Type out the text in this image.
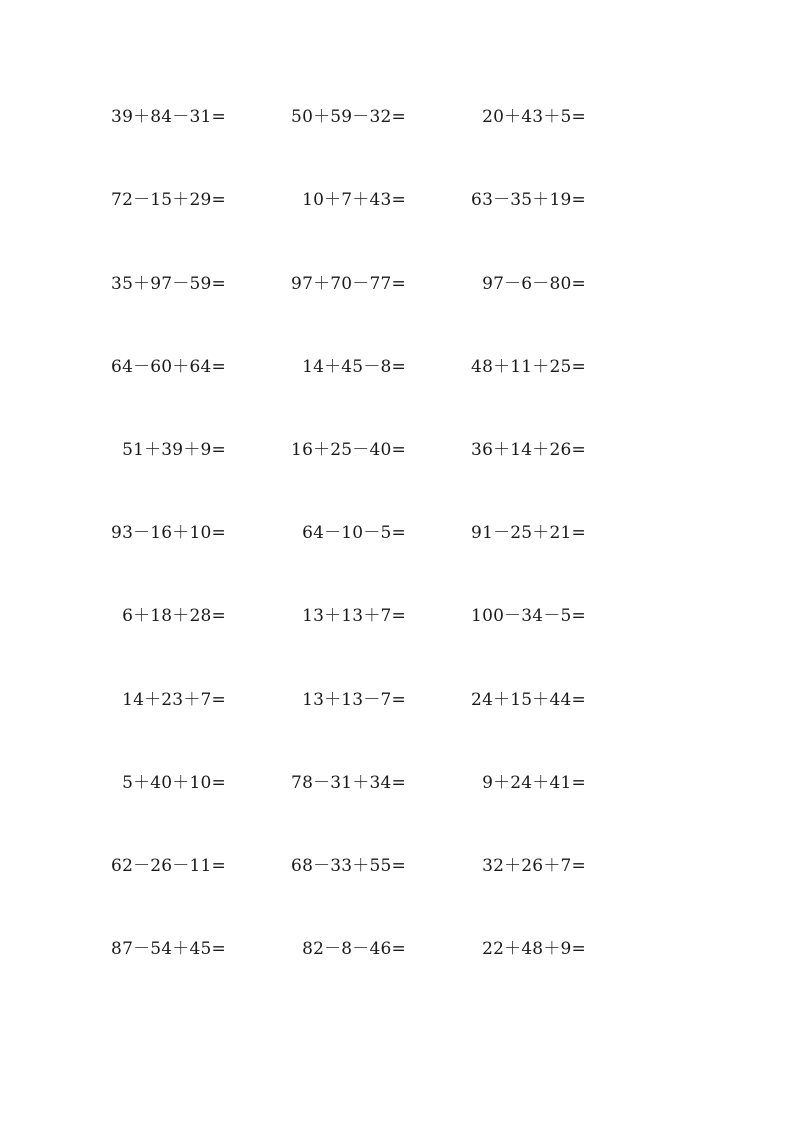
39＋84－31=	50＋59－32=	20＋43＋5=
72－15＋29=	10＋7＋43=	63－35＋19=
35＋97－59=	97＋70－77=	97－6－80=
64－60＋64=	14＋45－8=	48＋11＋25=
51＋39＋9=	16＋25－40=	36＋14＋26=
93－16＋10=	64－10－5=	91－25＋21=
6＋18＋28=	13＋13＋7=	100－34－5=
14＋23＋7=	13＋13－7=	24＋15＋44=
5＋40＋10=	78－31＋34=	9＋24＋41=
62－26－11=	68－33＋55=	32＋26＋7=
87－54＋45=	82－8－46=	22＋48＋9=
